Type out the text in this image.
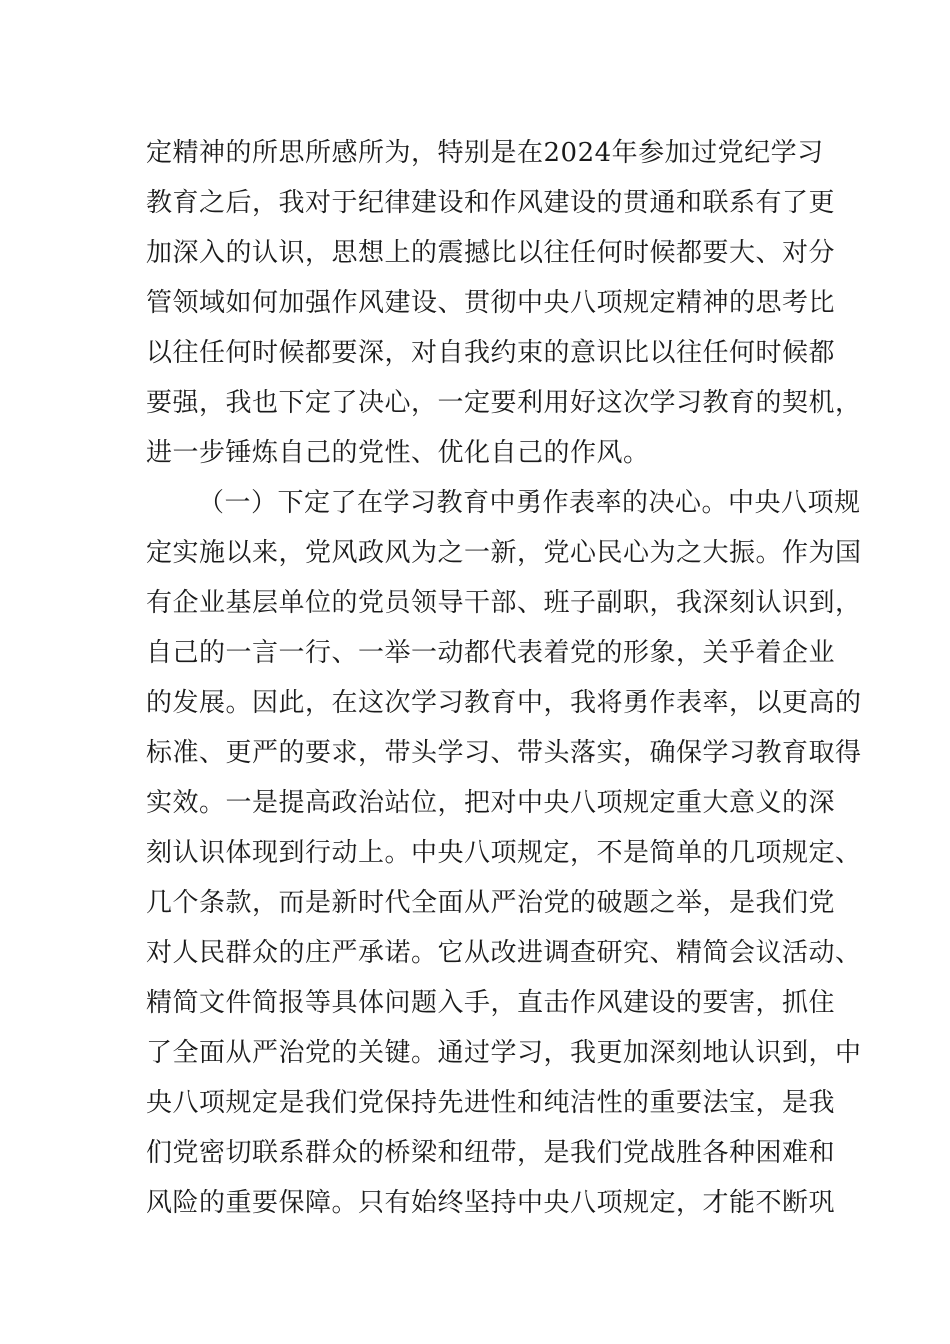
定精神的所思所感所为，特别是在2024年参加过党纪学习
教育之后，我对于纪律建设和作风建设的贯通和联系有了更
加深入的认识，思想上的震撼比以往任何时候都要大、对分
管领域如何加强作风建设、贯彻中央八项规定精神的思考比
以往任何时候都要深，对自我约束的意识比以往任何时候都
要强，我也下定了决心，一定要利用好这次学习教育的契机，
进一步锤炼自己的党性、优化自己的作风。
（一）下定了在学习教育中勇作表率的决心。中央八项规
定实施以来，党风政风为之一新，党心民心为之大振。作为国
有企业基层单位的党员领导干部、班子副职，我深刻认识到，
自己的一言一行、一举一动都代表着党的形象，关乎着企业
的发展。因此，在这次学习教育中，我将勇作表率，以更高的
标准、更严的要求，带头学习、带头落实，确保学习教育取得
实效。一是提高政治站位，把对中央八项规定重大意义的深
刻认识体现到行动上。中央八项规定，不是简单的几项规定、
几个条款，而是新时代全面从严治党的破题之举，是我们党
对人民群众的庄严承诺。它从改进调查研究、精简会议活动、
精简文件简报等具体问题入手，直击作风建设的要害，抓住
了全面从严治党的关键。通过学习，我更加深刻地认识到，中
央八项规定是我们党保持先进性和纯洁性的重要法宝，是我
们党密切联系群众的桥梁和纽带，是我们党战胜各种困难和
风险的重要保障。只有始终坚持中央八项规定，才能不断巩
